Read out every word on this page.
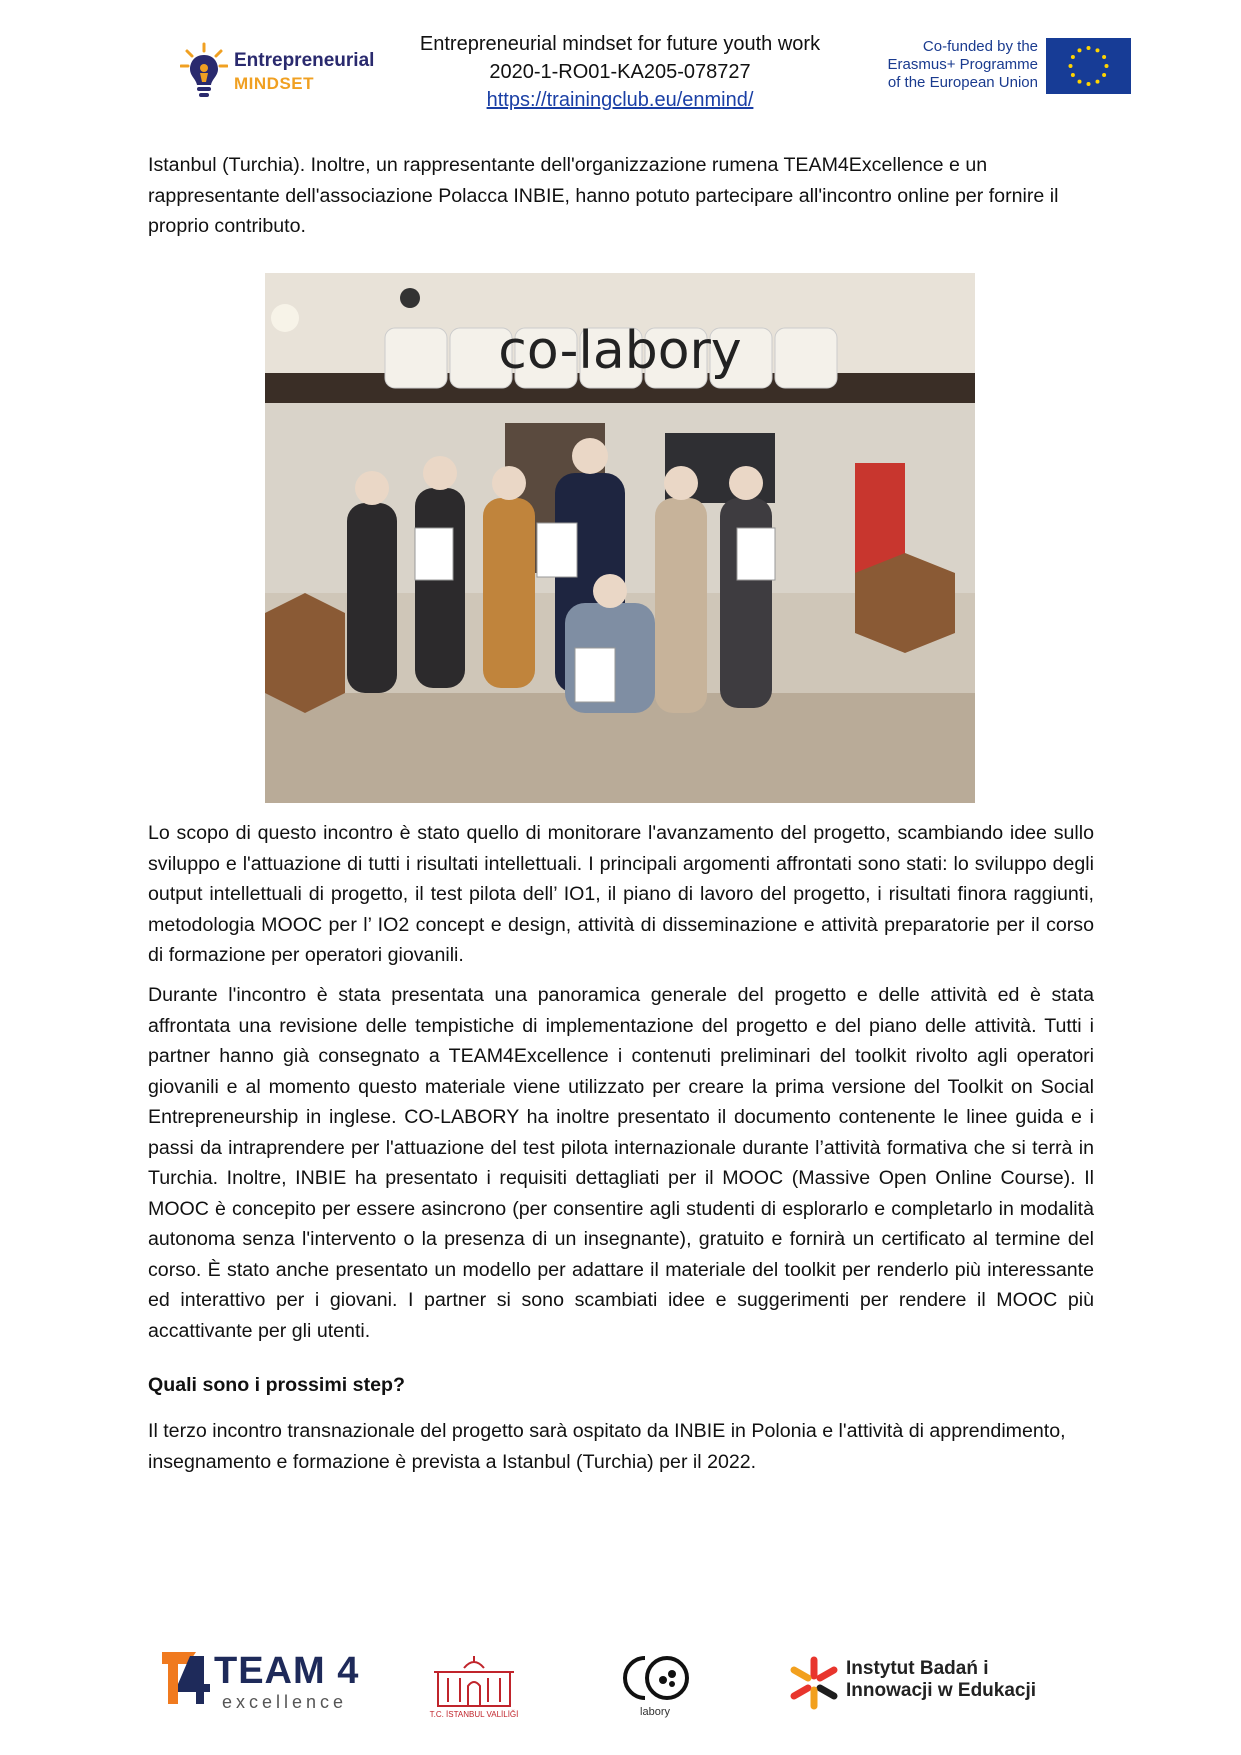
Entrepreneurial
MINDSET
Entrepreneurial mindset for future youth work
2020-1-RO01-KA205-078727
https://trainingclub.eu/enmind/
Co-funded by the
Erasmus+ Programme
of the European Union

Istanbul (Turchia). Inoltre, un rappresentante dell'organizzazione rumena TEAM4Excellence e un rappresentante dell'associazione Polacca INBIE, hanno potuto partecipare all'incontro online per fornire il proprio contributo.

co-labory

Lo scopo di questo incontro è stato quello di monitorare l'avanzamento del progetto, scambiando idee sullo sviluppo e l'attuazione di tutti i risultati intellettuali. I principali argomenti affrontati sono stati: lo sviluppo degli output intellettuali di progetto, il test pilota dell’ IO1, il piano di lavoro del progetto, i risultati finora raggiunti, metodologia MOOC per l’ IO2 concept e design, attività di disseminazione e attività preparatorie per il corso di formazione per operatori giovanili.

Durante l'incontro è stata presentata una panoramica generale del progetto e delle attività ed è stata affrontata una revisione delle tempistiche di implementazione del progetto e del piano delle attività. Tutti i partner hanno già consegnato a TEAM4Excellence i contenuti preliminari del toolkit rivolto agli operatori giovanili e al momento questo materiale viene utilizzato per creare la prima versione del Toolkit on Social Entrepreneurship in inglese. CO-LABORY ha inoltre presentato il documento contenente le linee guida e i passi da intraprendere per l'attuazione del test pilota internazionale durante l’attività formativa che si terrà in Turchia. Inoltre, INBIE ha presentato i requisiti dettagliati per il MOOC (Massive Open Online Course). Il MOOC è concepito per essere asincrono (per consentire agli studenti di esplorarlo e completarlo in modalità autonoma senza l'intervento o la presenza di un insegnante), gratuito e fornirà un certificato al termine del corso. È stato anche presentato un modello per adattare il materiale del toolkit per renderlo più interessante ed interattivo per i giovani. I partner si sono scambiati idee e suggerimenti per rendere il MOOC più accattivante per gli utenti.

Quali sono i prossimi step?

Il terzo incontro transnazionale del progetto sarà ospitato da INBIE in Polonia e l'attività di apprendimento, insegnamento e formazione è prevista a Istanbul (Turchia) per il 2022.

TEAM 4
excellence
T.C. İSTANBUL VALİLİĞİ	labory
Instytut Badań i
Innowacji w Edukacji
